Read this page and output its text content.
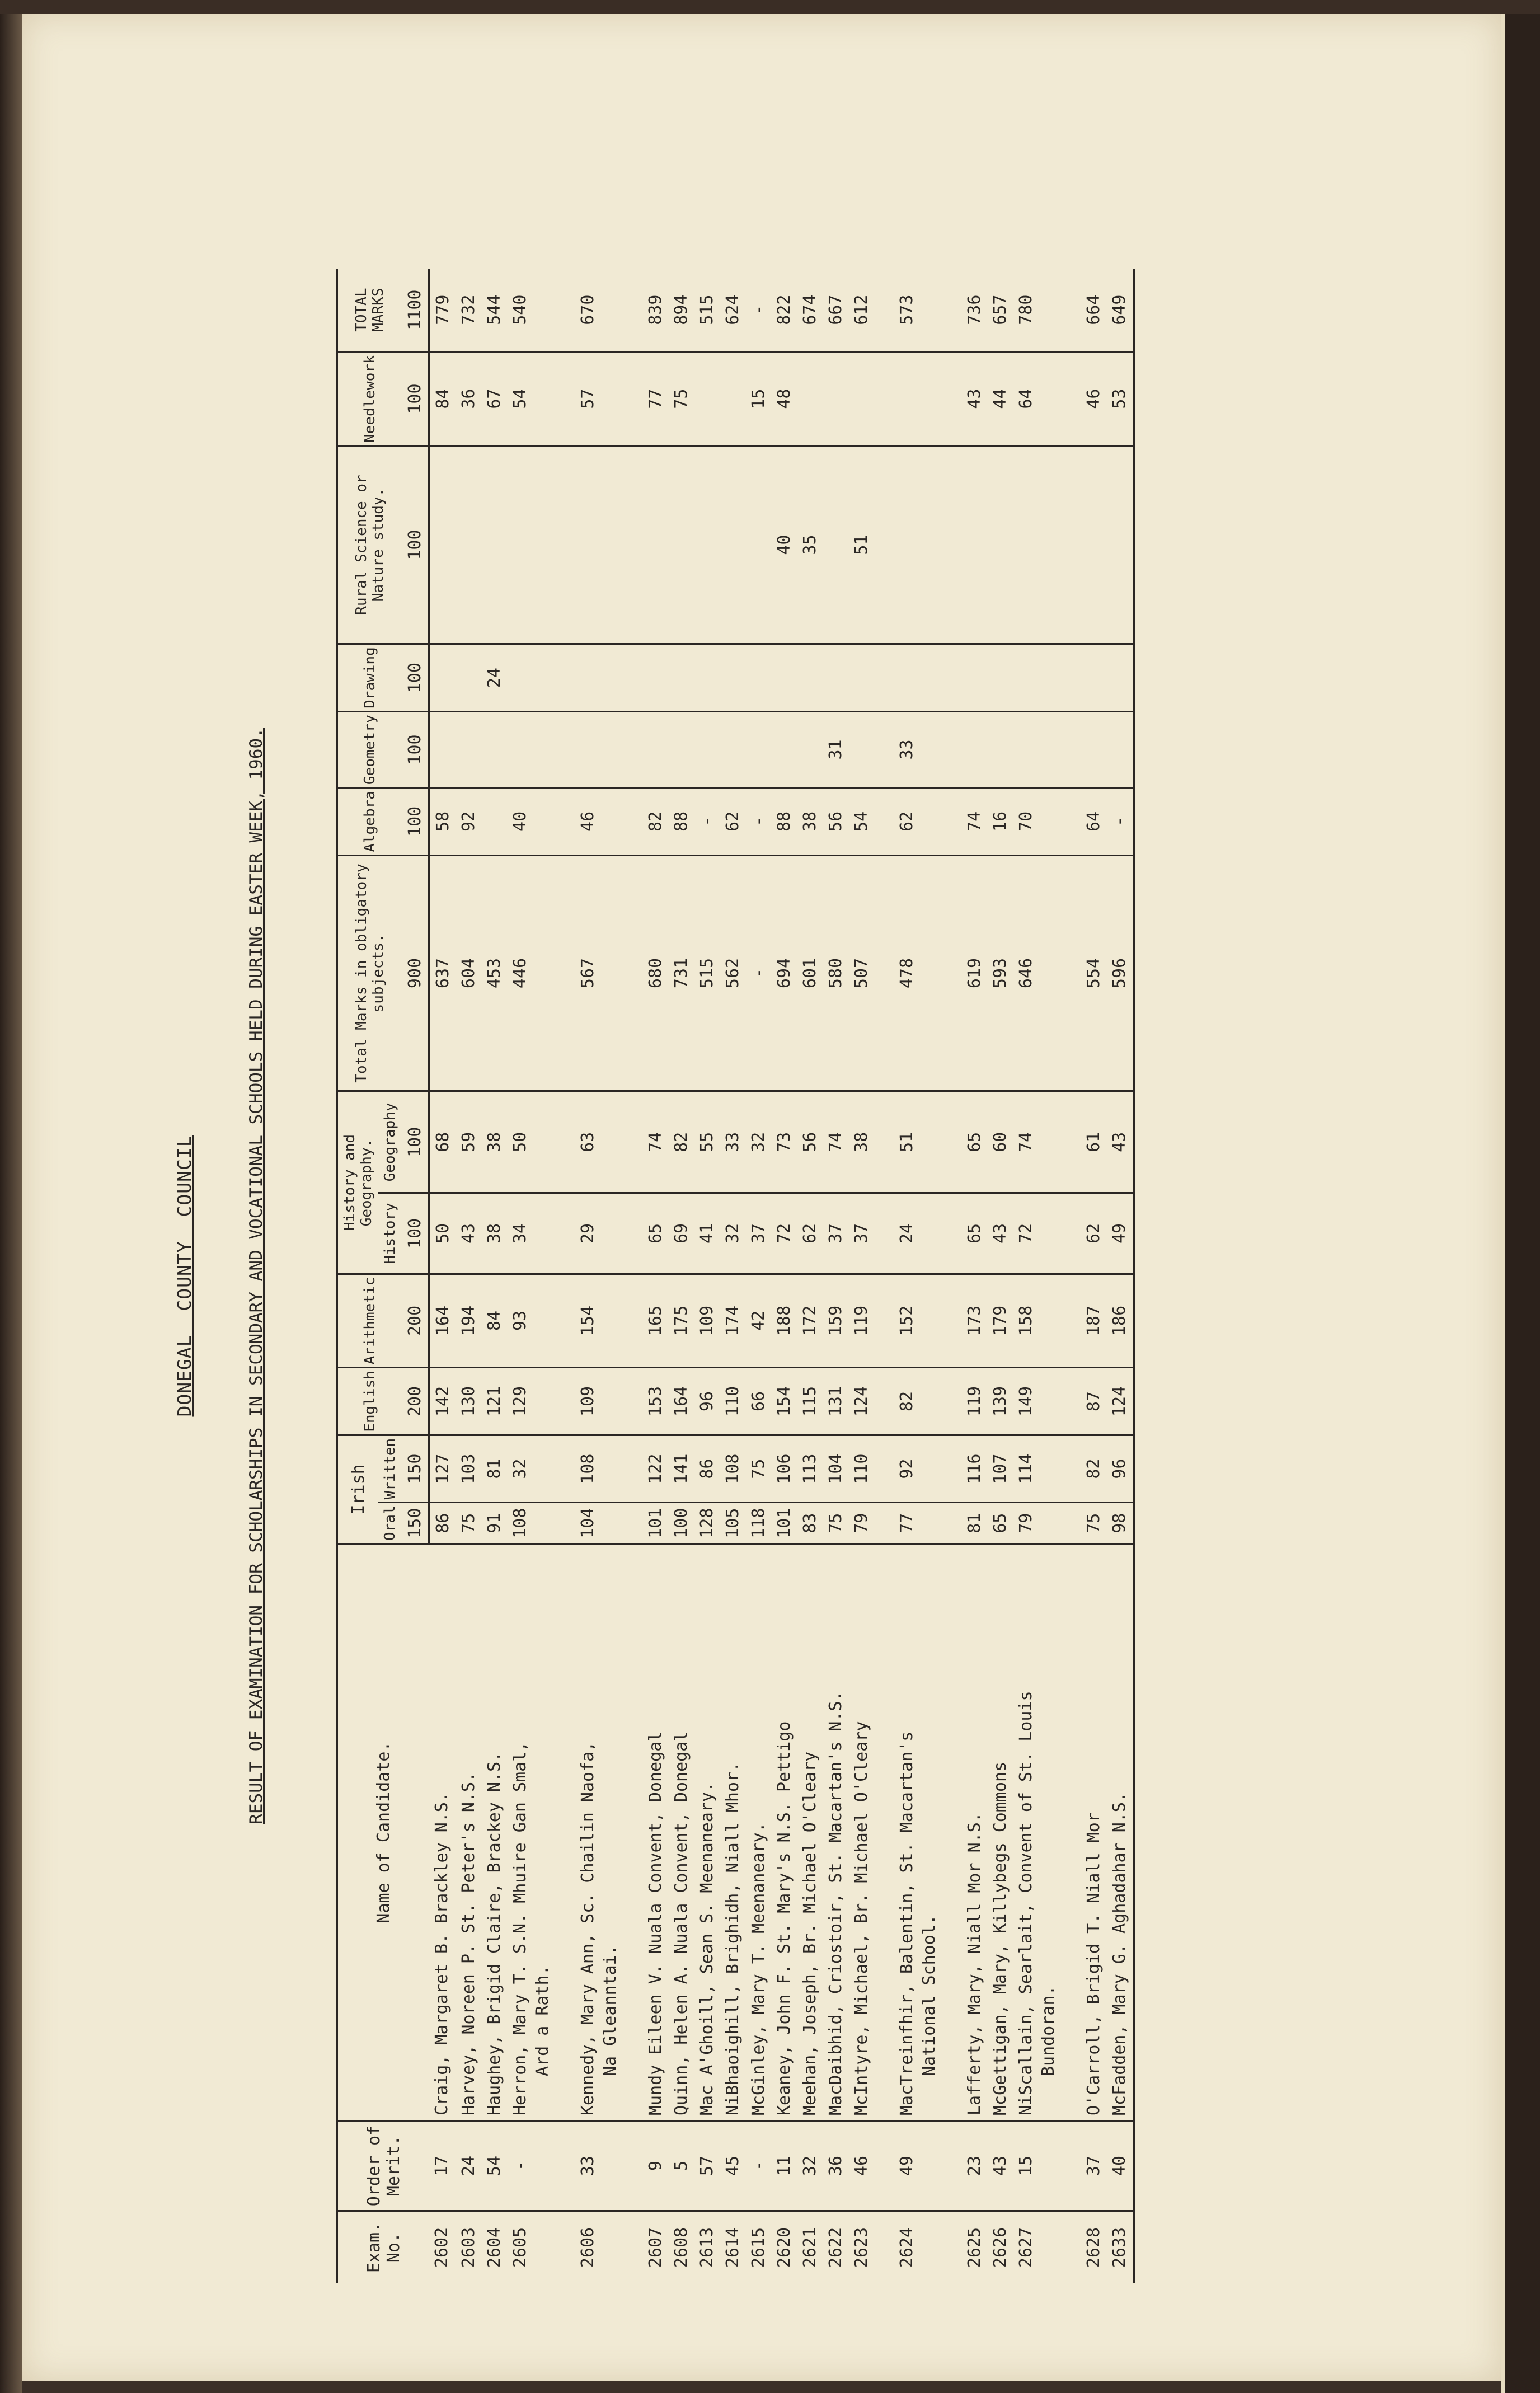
DONEGAL COUNTY COUNCIL	RESULT OF EXAMINATION FOR SCHOLARSHIPS IN SECONDARY AND VOCATIONAL SCHOOLS HELD DURING EASTER WEEK, 1960.
Exam. No.	Order of Merit.	Name of Candidate.	Irish		English	Arithmetic	History and Geography.		Total Marks in obligatory subjects.	Algebra	Geometry	Drawing	Rural Science or Nature study.	Needlework	TOTAL MARKS
			Oral	Written			History	Geography							
			150	150	200	200	100	100	900	100	100	100	100	100	1100
2602	17	Craig, Margaret B. Brackley N.S.	86	127	142	164	50	68	637	58				84	779
2603	24	Harvey, Noreen P. St. Peter's N.S.	75	103	130	194	43	59	604	92				36	732
2604	54	Haughey, Brigid Claire, Brackey N.S.	91	81	121	84	38	38	453			24		67	544
2605	-	Herron, Mary T. S.N. Mhuire Gan Smal, Ard a Rath.	108	32	129	93	34	50	446	40				54	540
2606	33	Kennedy, Mary Ann, Sc. Chailin Naofa, Na Gleanntai.	104	108	109	154	29	63	567	46				57	670
2607	9	Mundy Eileen V. Nuala Convent, Donegal	101	122	153	165	65	74	680	82				77	839
2608	5	Quinn, Helen A. Nuala Convent, Donegal	100	141	164	175	69	82	731	88				75	894
2613	57	Mac A'Ghoill, Sean S. Meenaneary.	128	86	96	109	41	55	515	-					515
2614	45	NiBhaoighill, Brighidh, Niall Mhor.	105	108	110	174	32	33	562	62					624
2615	-	McGinley, Mary T. Meenaneary.	118	75	66	42	37	32	-	-				15	-
2620	11	Keaney, John F. St. Mary's N.S. Pettigo	101	106	154	188	72	73	694	88			40	48	822
2621	32	Meehan, Joseph, Br. Michael O'Cleary	83	113	115	172	62	56	601	38			35		674
2622	36	MacDaibhid, Criostoir, St. Macartan's N.S.	75	104	131	159	37	74	580	56	31				667
2623	46	McIntyre, Michael, Br. Michael O'Cleary	79	110	124	119	37	38	507	54			51		612
2624	49	MacTreinfhir, Balentin, St. Macartan's National School.	77	92	82	152	24	51	478	62	33				573
2625	23	Lafferty, Mary, Niall Mor N.S.	81	116	119	173	65	65	619	74				43	736
2626	43	McGettigan, Mary, Killybegs Commons	65	107	139	179	43	60	593	16				44	657
2627	15	NiScallain, Searlait, Convent of St. Louis Bundoran.	79	114	149	158	72	74	646	70				64	780
2628	37	O'Carroll, Brigid T. Niall Mor	75	82	87	187	62	61	554	64				46	664
2633	40	McFadden, Mary G. Aghadahar N.S.	98	96	124	186	49	43	596	-				53	649
